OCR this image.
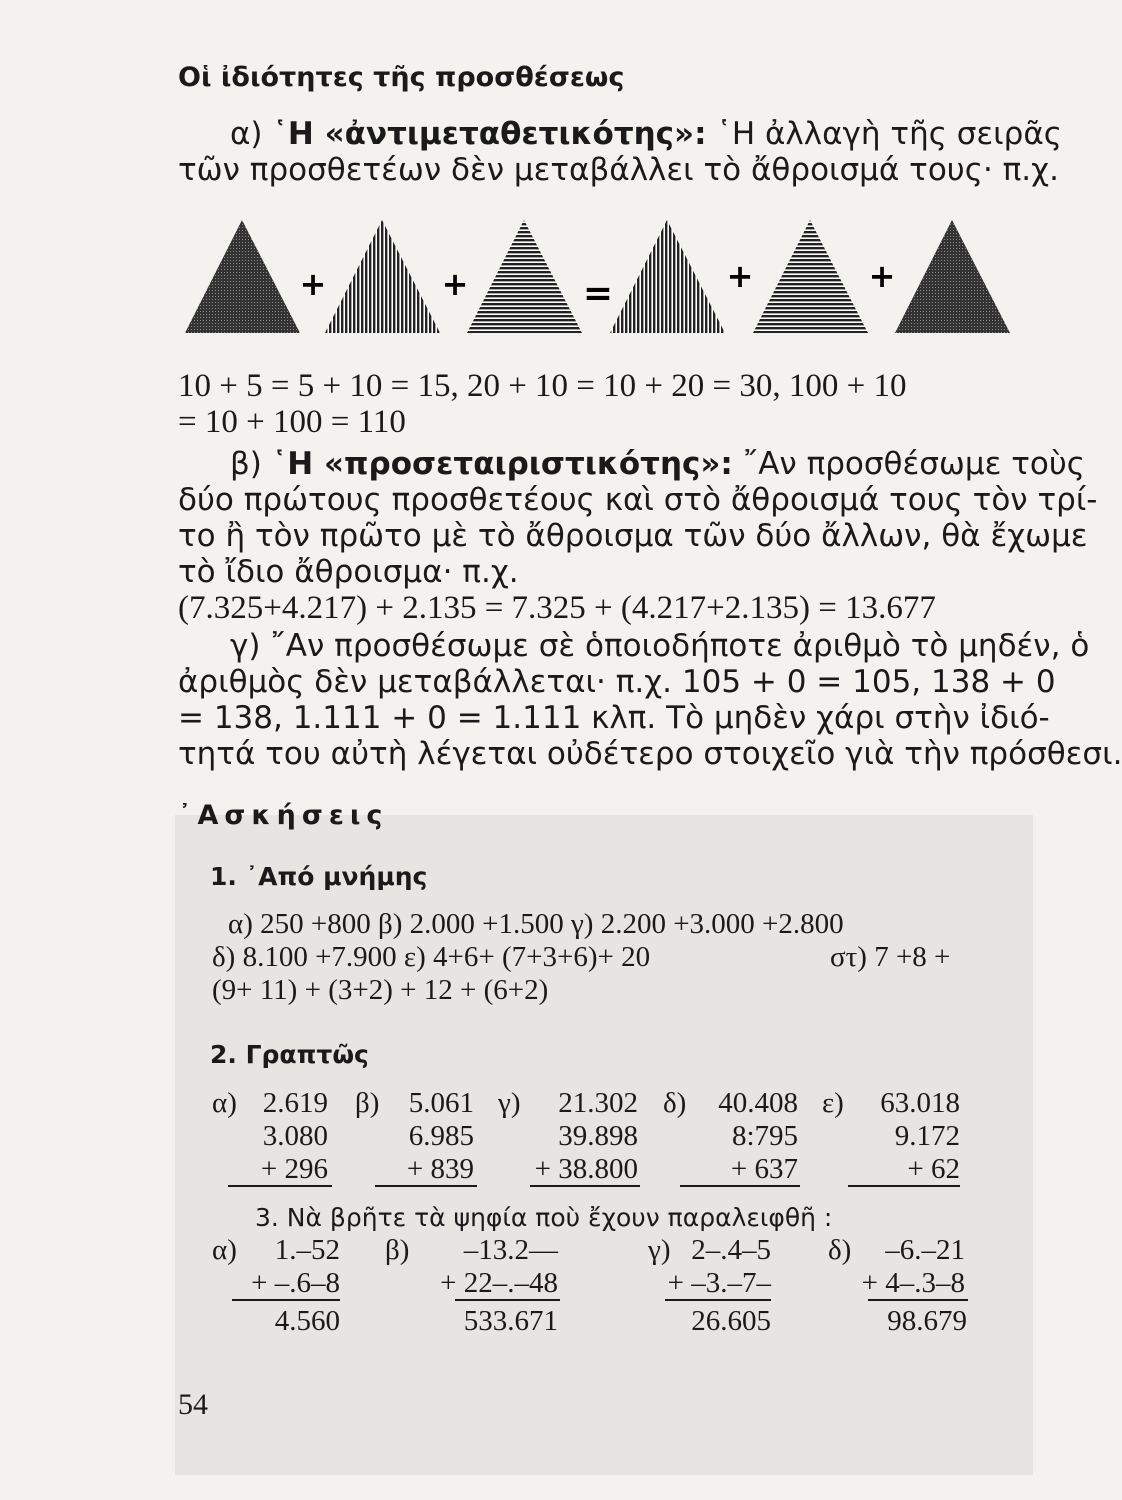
Οἱ ἰδιότητες τῆς προσθέσεως
α) ῾Η «ἀντιμεταθετικότης»: ῾Η ἀλλαγὴ τῆς σειρᾶς
τῶν προσθετέων δὲν μεταβάλλει τὸ ἄθροισμά τους· π.χ.
+	+	=	+	+
10 + 5 = 5 + 10 = 15, 20 + 10 = 10 + 20 = 30, 100 + 10
= 10 + 100 = 110
β) ῾Η «προσεταιριστικότης»: ῎Αν προσθέσωμε τοὺς
δύο πρώτους προσθετέους καὶ στὸ ἄθροισμά τους τὸν τρί-
το ἢ τὸν πρῶτο μὲ τὸ ἄθροισμα τῶν δύο ἄλλων, θὰ ἔχωμε
τὸ ἴδιο ἄθροισμα· π.χ.
(7.325+4.217) + 2.135 = 7.325 + (4.217+2.135) = 13.677
γ) ῎Αν προσθέσωμε σὲ ὁποιοδήποτε ἀριθμὸ τὸ μηδέν, ὁ
ἀριθμὸς δὲν μεταβάλλεται· π.χ. 105 + 0 = 105, 138 + 0
= 138, 1.111 + 0 = 1.111 κλπ. Τὸ μηδὲν χάρι στὴν ἰδιό-
τητά του αὐτὴ λέγεται οὐδέτερο στοιχεῖο γιὰ τὴν πρόσθεσι.
᾿Ασκήσεις
1. ᾿Από μνήμης
α) 250 +800 β) 2.000 +1.500 γ) 2.200 +3.000 +2.800
δ) 8.100 +7.900 ε) 4+6+ (7+3+6)+ 20	στ) 7 +8 +
(9+ 11) + (3+2) + 12 + (6+2)
2. Γραπτῶς
α) 2.619
3.080
+ 296
β)	5.061
6.985
+ 839
γ)	21.302
39.898
+ 38.800
δ)	40.408
8:795
+ 637
ε)	63.018
9.172
+ 62
3. Νὰ βρῆτε τὰ ψηφία ποὺ ἔχουν παραλειφθῆ :
α)	1.–52
+ –.6–8
4.560
β)	–13.2—
+ 22–.–48
533.671
γ) 2–.4–5
+ –3.–7–
26.605
δ)	–6.–21
+ 4–.3–8
98.679
54
